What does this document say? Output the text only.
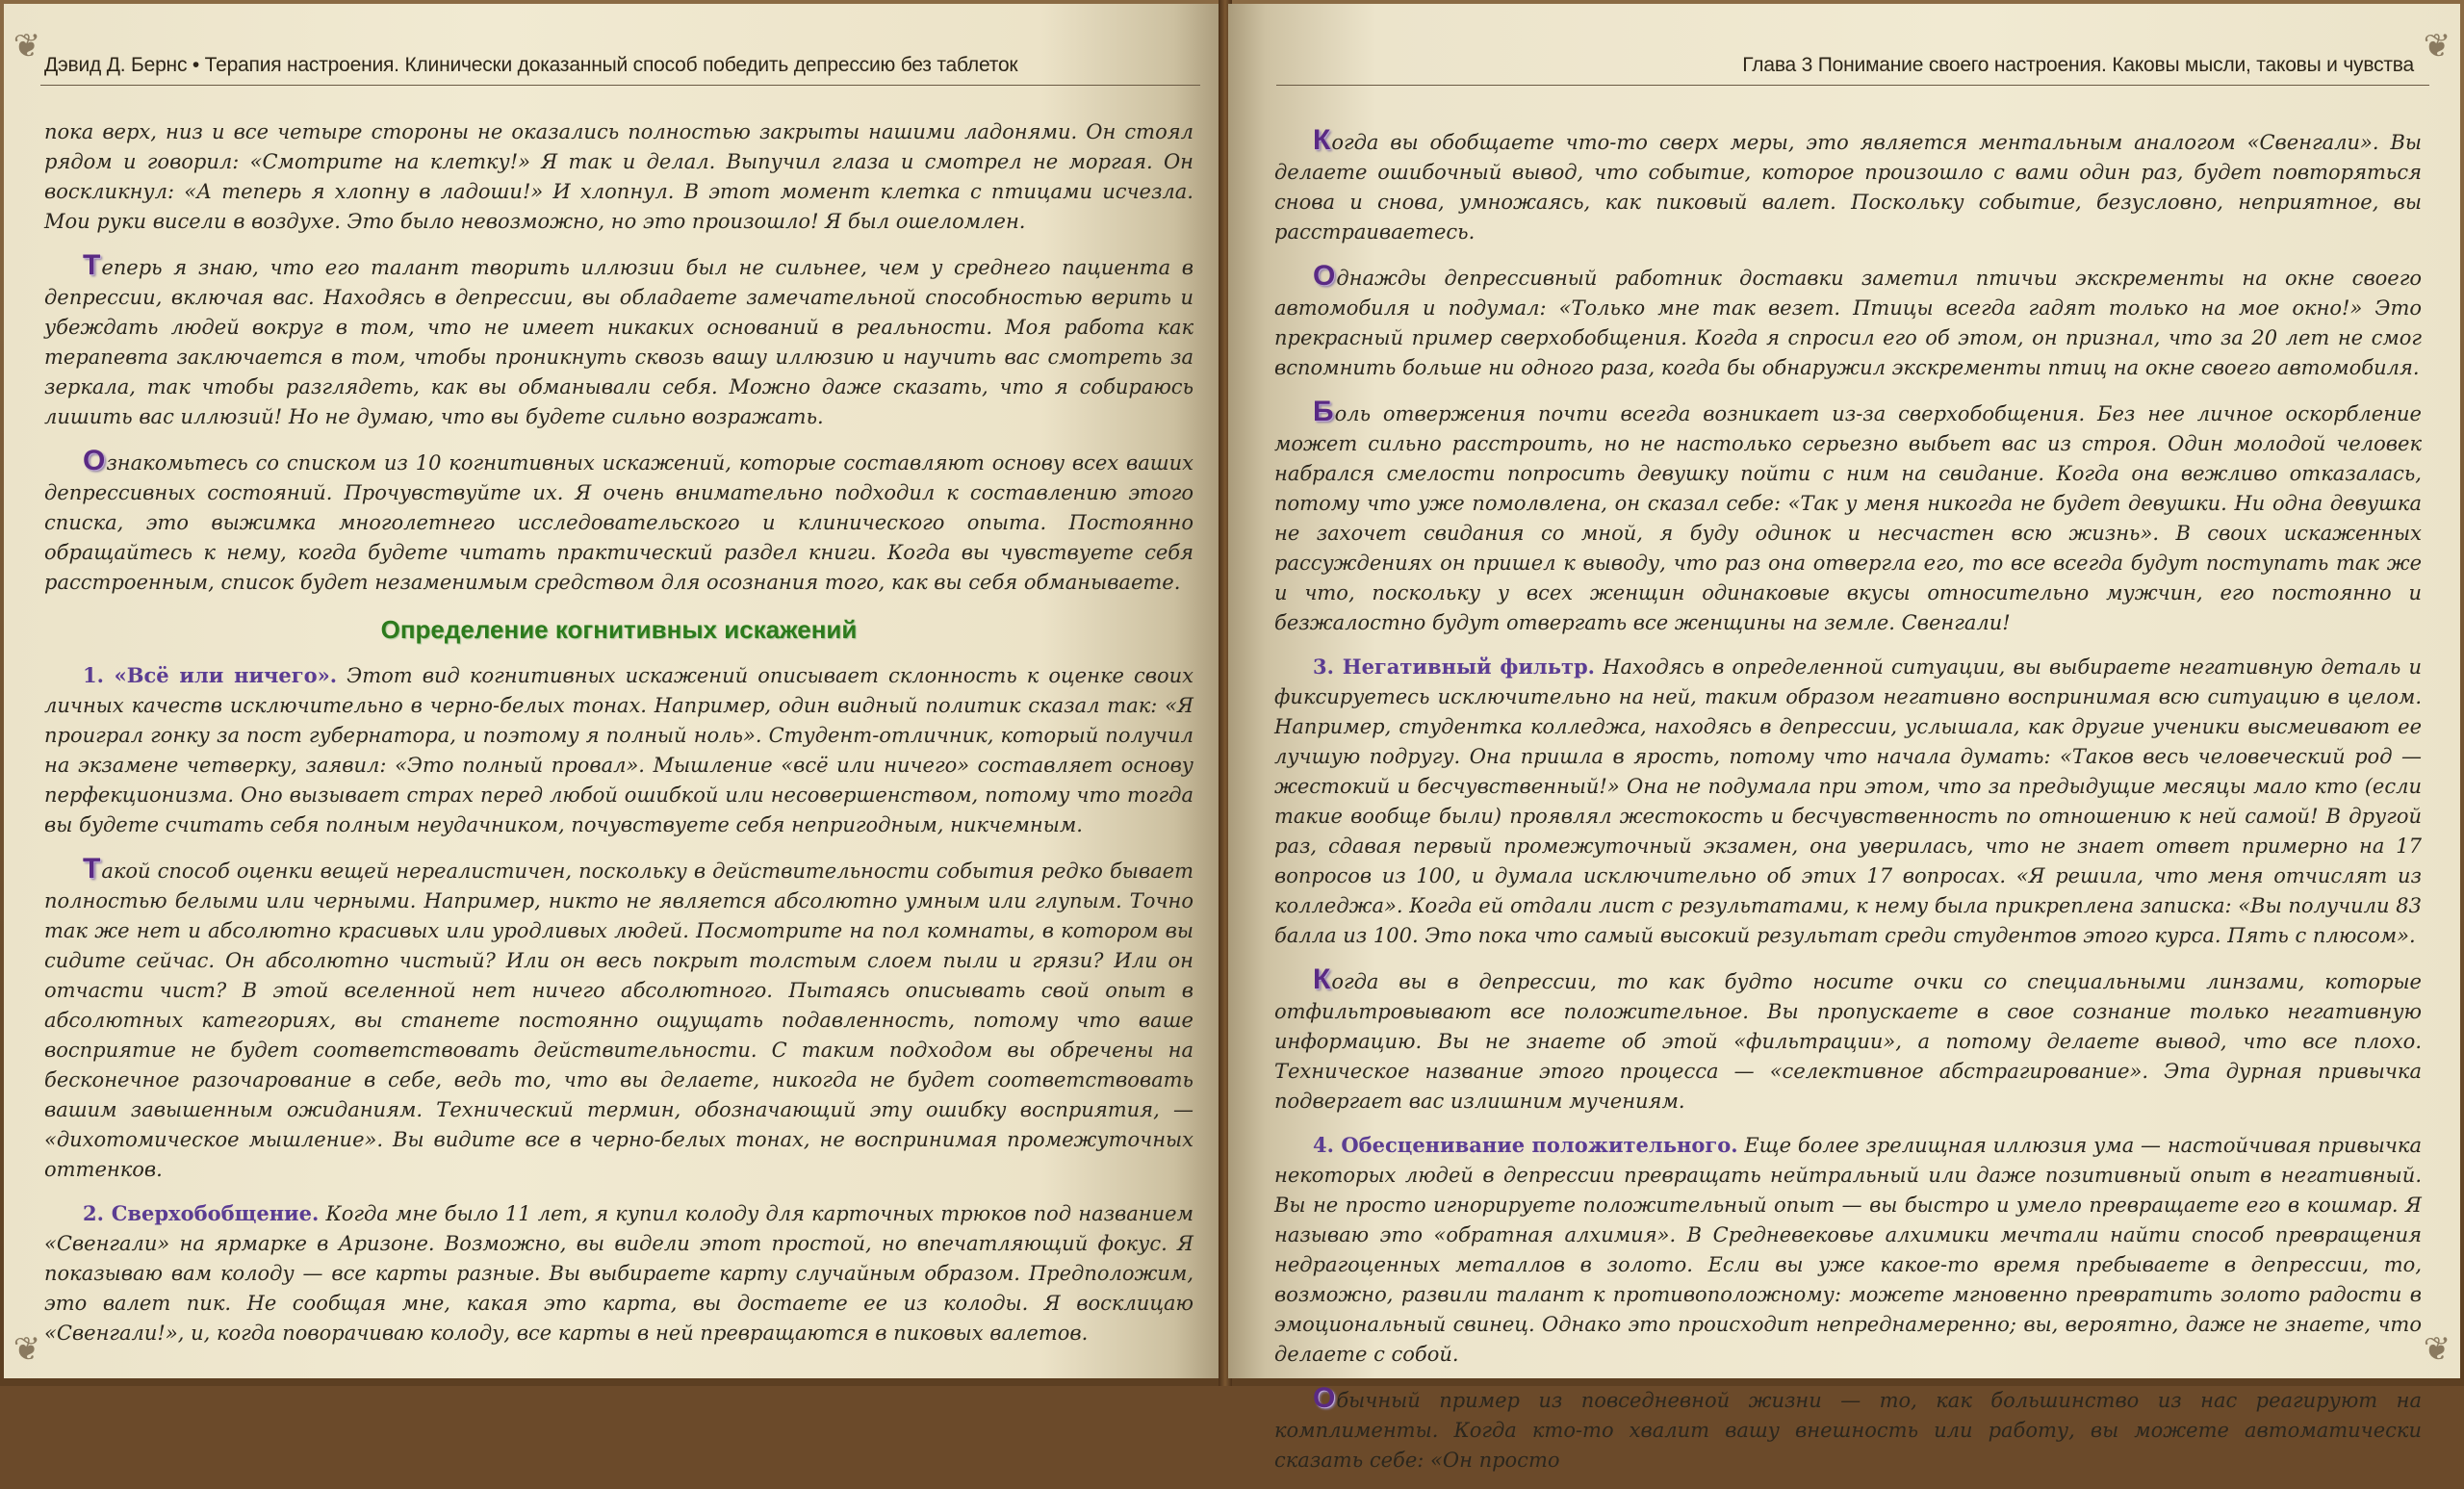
❦
❦
Дэвид Д. Бернс • Терапия настроения. Клинически доказанный способ победить депрессию без таблеток

пока верх, низ и все четыре стороны не оказались полностью закрыты нашими ладонями. Он стоял рядом и говорил: «Смотрите на клетку!» Я так и делал. Выпучил глаза и смотрел не моргая. Он воскликнул: «А теперь я хлопну в ладоши!» И хлопнул. В этот момент клетка с птицами исчезла. Мои руки висели в воздухе. Это было невозможно, но это произошло! Я был ошеломлен.

Теперь я знаю, что его талант творить иллюзии был не сильнее, чем у среднего пациента в депрессии, включая вас. Находясь в депрессии, вы обладаете замечательной способностью верить и убеждать людей вокруг в том, что не имеет никаких оснований в реальности. Моя работа как терапевта заключается в том, чтобы проникнуть сквозь вашу иллюзию и научить вас смотреть за зеркала, так чтобы разглядеть, как вы обманывали себя. Можно даже сказать, что я собираюсь лишить вас иллюзий! Но не думаю, что вы будете сильно возражать.

Ознакомьтесь со списком из 10 когнитивных искажений, которые составляют основу всех ваших депрессивных состояний. Прочувствуйте их. Я очень внимательно подходил к составлению этого списка, это выжимка многолетнего исследовательского и клинического опыта. Постоянно обращайтесь к нему, когда будете читать практический раздел книги. Когда вы чувствуете себя расстроенным, список будет незаменимым средством для осознания того, как вы себя обманываете.

Определение когнитивных искажений

1. «Всё или ничего». Этот вид когнитивных искажений описывает склонность к оценке своих личных качеств исключительно в черно-белых тонах. Например, один видный политик сказал так: «Я проиграл гонку за пост губернатора, и поэтому я полный ноль». Студент-отличник, который получил на экзамене четверку, заявил: «Это полный провал». Мышление «всё или ничего» составляет основу перфекционизма. Оно вызывает страх перед любой ошибкой или несовершенством, потому что тогда вы будете считать себя полным неудачником, почувствуете себя непригодным, никчемным.

Такой способ оценки вещей нереалистичен, поскольку в действительности события редко бывает полностью белыми или черными. Например, никто не является абсолютно умным или глупым. Точно так же нет и абсолютно красивых или уродливых людей. Посмотрите на пол комнаты, в котором вы сидите сейчас. Он абсолютно чистый? Или он весь покрыт толстым слоем пыли и грязи? Или он отчасти чист? В этой вселенной нет ничего абсолютного. Пытаясь описывать свой опыт в абсолютных категориях, вы станете постоянно ощущать подавленность, потому что ваше восприятие не будет соответствовать действительности. С таким подходом вы обречены на бесконечное разочарование в себе, ведь то, что вы делаете, никогда не будет соответствовать вашим завышенным ожиданиям. Технический термин, обозначающий эту ошибку восприятия, — «дихотомическое мышление». Вы видите все в черно-белых тонах, не воспринимая промежуточных оттенков.

2. Сверхобобщение. Когда мне было 11 лет, я купил колоду для карточных трюков под названием «Свенгали» на ярмарке в Аризоне. Возможно, вы видели этот простой, но впечатляющий фокус. Я показываю вам колоду — все карты разные. Вы выбираете карту случайным образом. Предположим, это валет пик. Не сообщая мне, какая это карта, вы достаете ее из колоды. Я восклицаю «Свенгали!», и, когда поворачиваю колоду, все карты в ней превращаются в пиковых валетов.

❦
❦
Глава 3 Понимание своего настроения. Каковы мысли, таковы и чувства

Когда вы обобщаете что-то сверх меры, это является ментальным аналогом «Свенгали». Вы делаете ошибочный вывод, что событие, которое произошло с вами один раз, будет повторяться снова и снова, умножаясь, как пиковый валет. Поскольку событие, безусловно, неприятное, вы расстраиваетесь.

Однажды депрессивный работник доставки заметил птичьи экскременты на окне своего автомобиля и подумал: «Только мне так везет. Птицы всегда гадят только на мое окно!» Это прекрасный пример сверхобобщения. Когда я спросил его об этом, он признал, что за 20 лет не смог вспомнить больше ни одного раза, когда бы обнаружил экскременты птиц на окне своего автомобиля.

Боль отвержения почти всегда возникает из-за сверхобобщения. Без нее личное оскорбление может сильно расстроить, но не настолько серьезно выбьет вас из строя. Один молодой человек набрался смелости попросить девушку пойти с ним на свидание. Когда она вежливо отказалась, потому что уже помолвлена, он сказал себе: «Так у меня никогда не будет девушки. Ни одна девушка не захочет свидания со мной, я буду одинок и несчастен всю жизнь». В своих искаженных рассуждениях он пришел к выводу, что раз она отвергла его, то все всегда будут поступать так же и что, поскольку у всех женщин одинаковые вкусы относительно мужчин, его постоянно и безжалостно будут отвергать все женщины на земле. Свенгали!

3. Негативный фильтр. Находясь в определенной ситуации, вы выбираете негативную деталь и фиксируетесь исключительно на ней, таким образом негативно воспринимая всю ситуацию в целом. Например, студентка колледжа, находясь в депрессии, услышала, как другие ученики высмеивают ее лучшую подругу. Она пришла в ярость, потому что начала думать: «Таков весь человеческий род — жестокий и бесчувственный!» Она не подумала при этом, что за предыдущие месяцы мало кто (если такие вообще были) проявлял жестокость и бесчувственность по отношению к ней самой! В другой раз, сдавая первый промежуточный экзамен, она уверилась, что не знает ответ примерно на 17 вопросов из 100, и думала исключительно об этих 17 вопросах. «Я решила, что меня отчислят из колледжа». Когда ей отдали лист с результатами, к нему была прикреплена записка: «Вы получили 83 балла из 100. Это пока что самый высокий результат среди студентов этого курса. Пять с плюсом».

Когда вы в депрессии, то как будто носите очки со специальными линзами, которые отфильтровывают все положительное. Вы пропускаете в свое сознание только негативную информацию. Вы не знаете об этой «фильтрации», а потому делаете вывод, что все плохо. Техническое название этого процесса — «селективное абстрагирование». Эта дурная привычка подвергает вас излишним мучениям.

4. Обесценивание положительного. Еще более зрелищная иллюзия ума — настойчивая привычка некоторых людей в депрессии превращать нейтральный или даже позитивный опыт в негативный. Вы не просто игнорируете положительный опыт — вы быстро и умело превращаете его в кошмар. Я называю это «обратная алхимия». В Средневековье алхимики мечтали найти способ превращения недрагоценных металлов в золото. Если вы уже какое-то время пребываете в депрессии, то, возможно, развили талант к противоположному: можете мгновенно превратить золото радости в эмоциональный свинец. Однако это происходит непреднамеренно; вы, вероятно, даже не знаете, что делаете с собой.

Обычный пример из повседневной жизни — то, как большинство из нас реагируют на комплименты. Когда кто-то хвалит вашу внешность или работу, вы можете автоматически сказать себе: «Он просто
